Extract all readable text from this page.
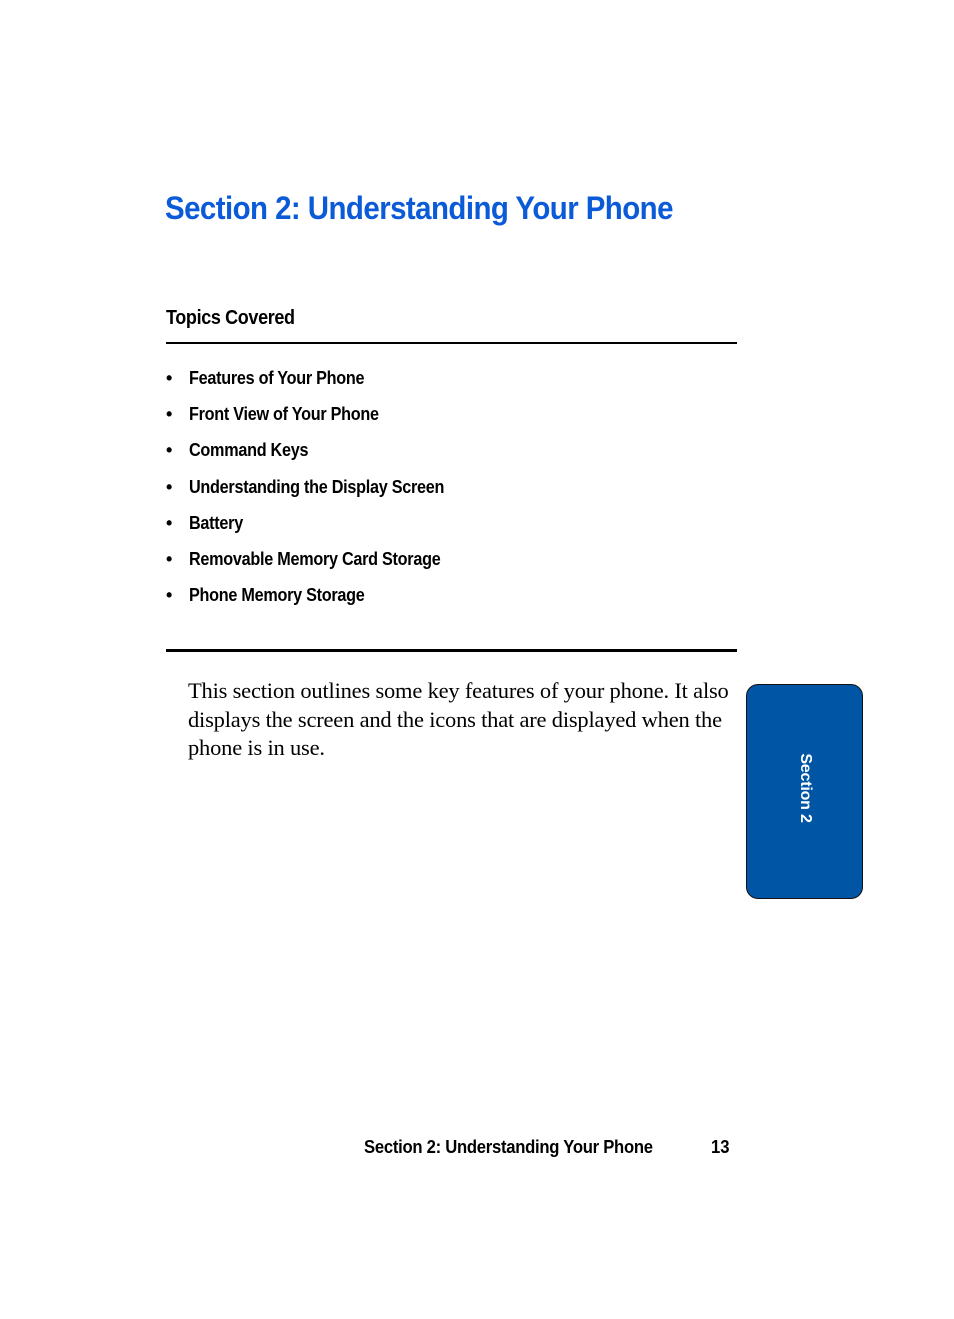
Section 2: Understanding Your Phone
Topics Covered
• Features of Your Phone
• Front View of Your Phone
• Command Keys
• Understanding the Display Screen
• Battery
• Removable Memory Card Storage
• Phone Memory Storage

This section outlines some key features of your phone. It also displays the screen and the icons that are displayed when the phone is in use.

Section 2
Section 2: Understanding Your Phone	13
